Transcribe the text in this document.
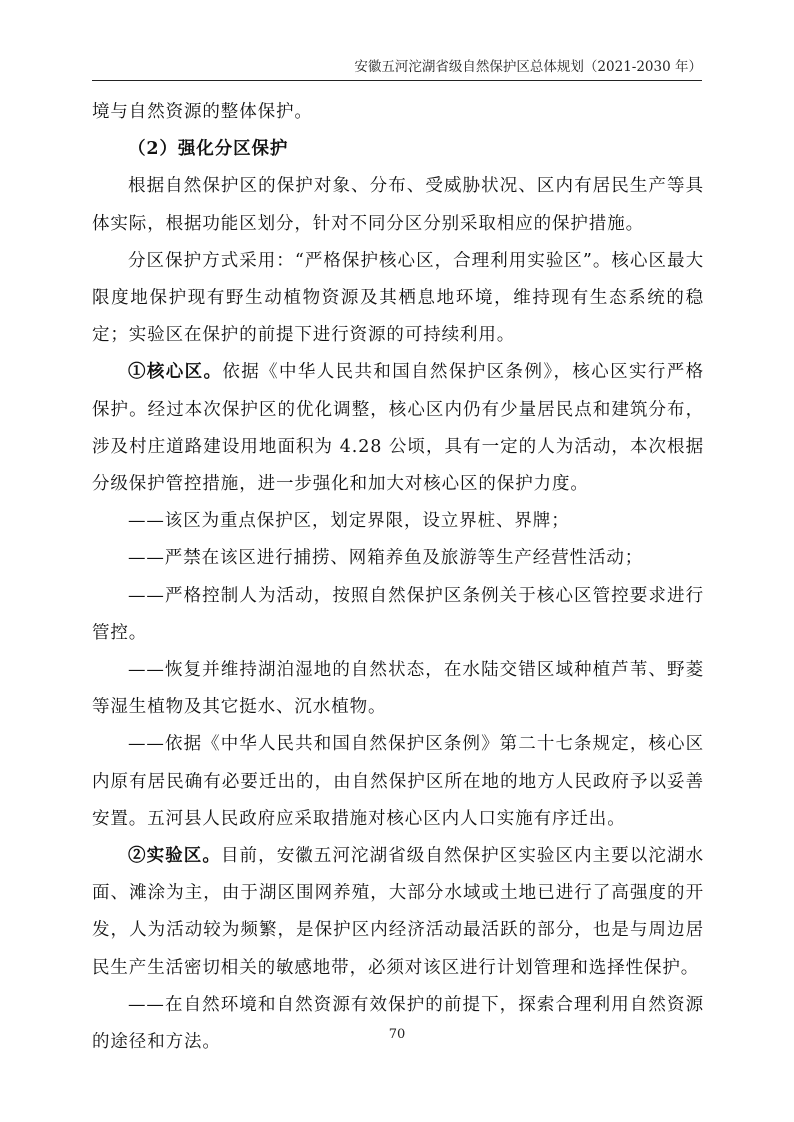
安徽五河沱湖省级自然保护区总体规划（2021-2030 年）

境与自然资源的整体保护。

（2）强化分区保护

根据自然保护区的保护对象、分布、受威胁状况、区内有居民生产等具体实际，根据功能区划分，针对不同分区分别采取相应的保护措施。

分区保护方式采用：“严格保护核心区，合理利用实验区”。核心区最大限度地保护现有野生动植物资源及其栖息地环境，维持现有生态系统的稳定；实验区在保护的前提下进行资源的可持续利用。

①核心区。依据《中华人民共和国自然保护区条例》，核心区实行严格保护。经过本次保护区的优化调整，核心区内仍有少量居民点和建筑分布，涉及村庄道路建设用地面积为 4.28 公顷，具有一定的人为活动，本次根据分级保护管控措施，进一步强化和加大对核心区的保护力度。

——该区为重点保护区，划定界限，设立界桩、界牌；

——严禁在该区进行捕捞、网箱养鱼及旅游等生产经营性活动；

——严格控制人为活动，按照自然保护区条例关于核心区管控要求进行管控。

——恢复并维持湖泊湿地的自然状态，在水陆交错区域种植芦苇、野菱等湿生植物及其它挺水、沉水植物。

——依据《中华人民共和国自然保护区条例》第二十七条规定，核心区内原有居民确有必要迁出的，由自然保护区所在地的地方人民政府予以妥善安置。五河县人民政府应采取措施对核心区内人口实施有序迁出。

②实验区。目前，安徽五河沱湖省级自然保护区实验区内主要以沱湖水面、滩涂为主，由于湖区围网养殖，大部分水域或土地已进行了高强度的开发，人为活动较为频繁，是保护区内经济活动最活跃的部分，也是与周边居民生产生活密切相关的敏感地带，必须对该区进行计划管理和选择性保护。

——在自然环境和自然资源有效保护的前提下，探索合理利用自然资源的途径和方法。	70
